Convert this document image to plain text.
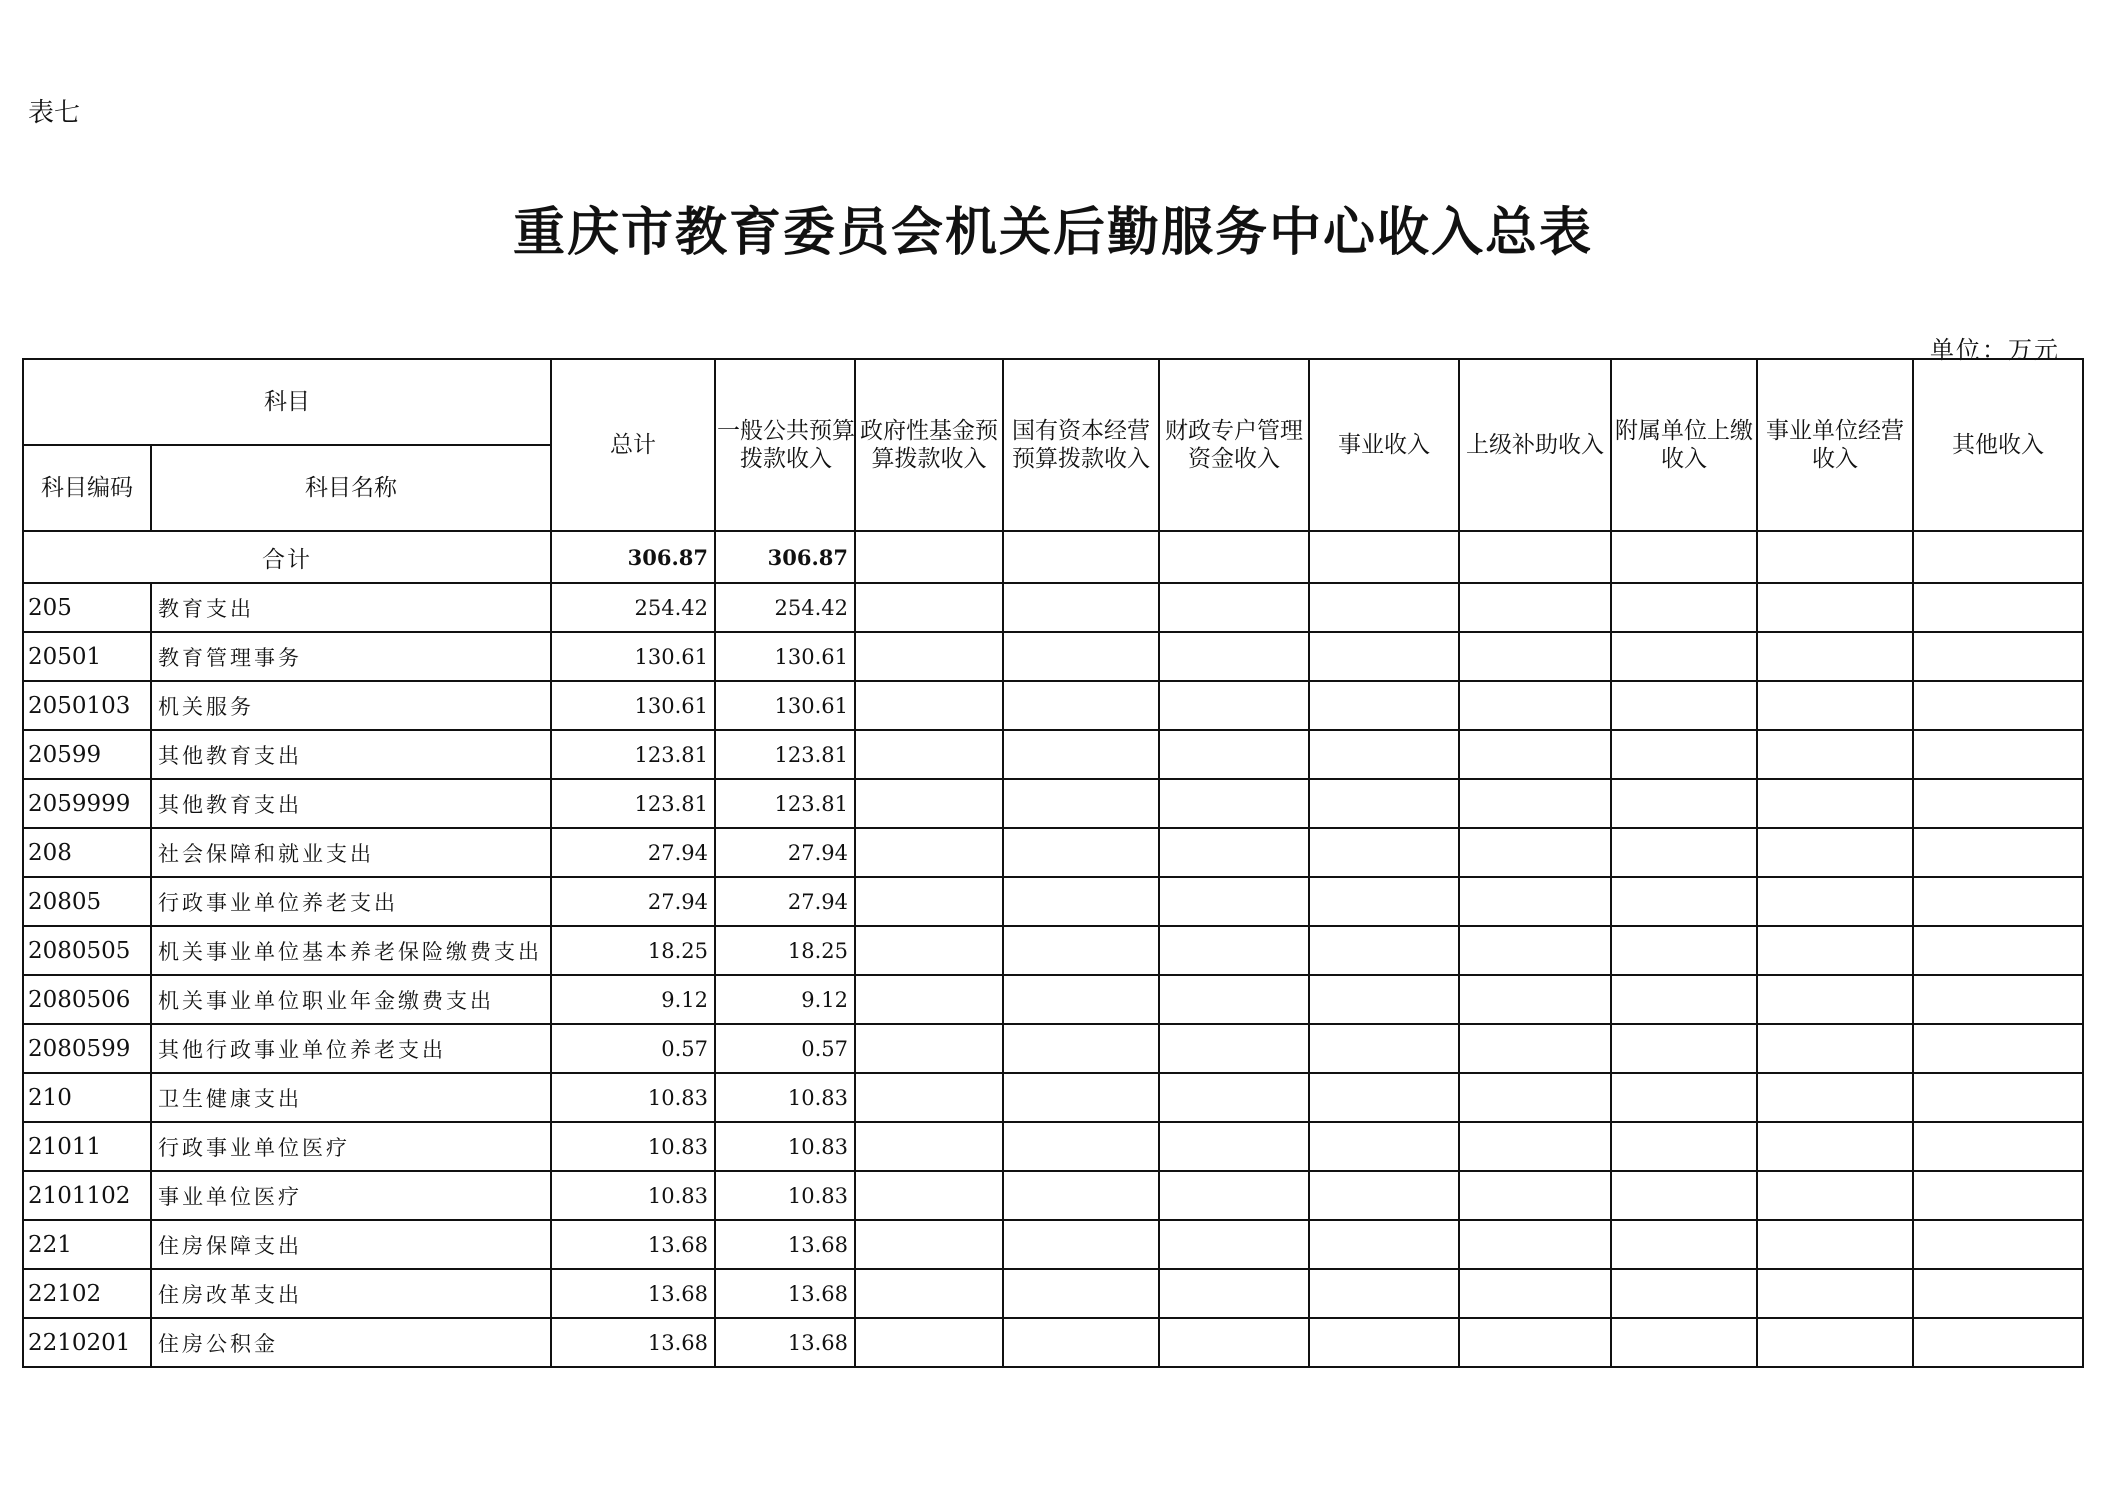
表七
重庆市教育委员会机关后勤服务中心收入总表
单位：万元
科目		总计	一般公共预算拨款收入	政府性基金预算拨款收入	国有资本经营预算拨款收入	财政专户管理资金收入	事业收入	上级补助收入	附属单位上缴收入	事业单位经营收入	其他收入
科目编码	科目名称										
合计		306.87	306.87								
205	教育支出	254.42	254.42								
20501	教育管理事务	130.61	130.61								
2050103	机关服务	130.61	130.61								
20599	其他教育支出	123.81	123.81								
2059999	其他教育支出	123.81	123.81								
208	社会保障和就业支出	27.94	27.94								
20805	行政事业单位养老支出	27.94	27.94								
2080505	机关事业单位基本养老保险缴费支出	18.25	18.25								
2080506	机关事业单位职业年金缴费支出	9.12	9.12								
2080599	其他行政事业单位养老支出	0.57	0.57								
210	卫生健康支出	10.83	10.83								
21011	行政事业单位医疗	10.83	10.83								
2101102	事业单位医疗	10.83	10.83								
221	住房保障支出	13.68	13.68								
22102	住房改革支出	13.68	13.68								
2210201	住房公积金	13.68	13.68								
